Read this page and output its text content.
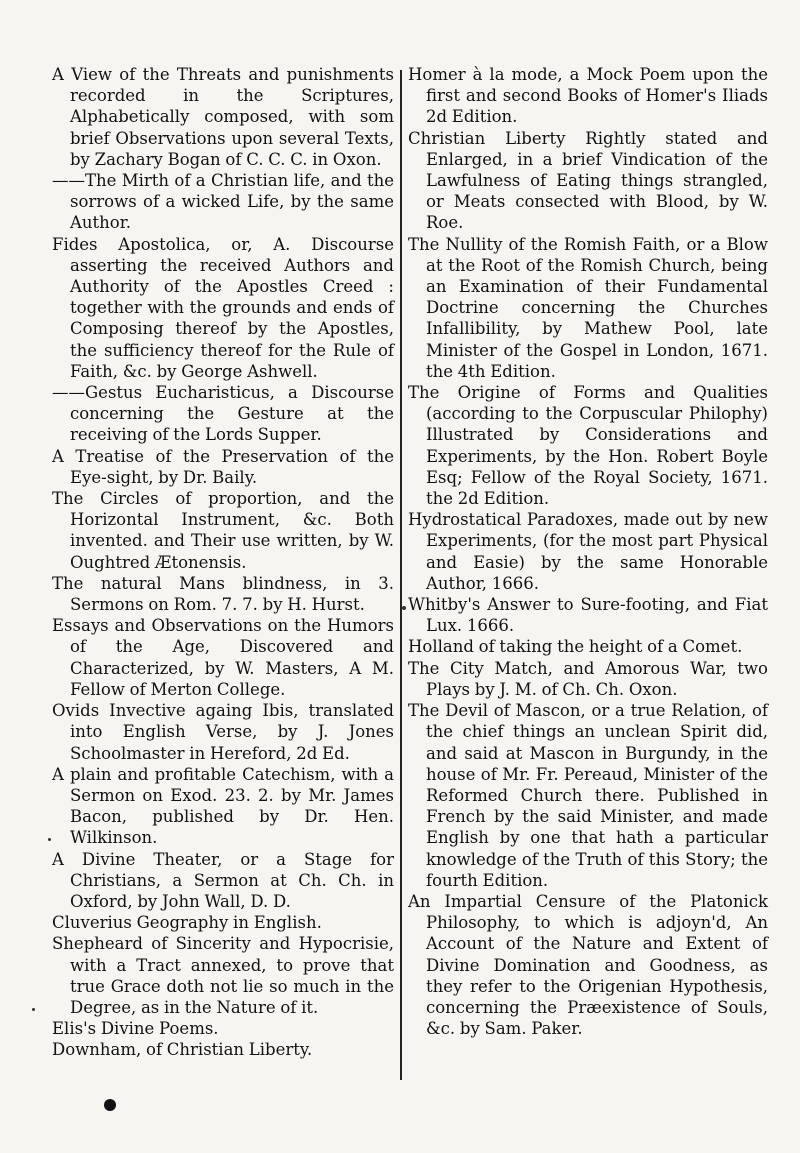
A View of the Threats and punishments recorded in the Scriptures, Alphabetically composed, with som brief Observations upon several Texts, by Zachary Bogan of C. C. C. in Oxon.

——The Mirth of a Christian life, and the sorrows of a wicked Life, by the same Author.

Fides Apostolica, or, A. Discourse asserting the received Authors and Authority of the Apostles Creed : together with the grounds and ends of Composing thereof by the Apostles, the sufficiency thereof for the Rule of Faith, &c. by George Ashwell.

——Gestus Eucharisticus, a Discourse concerning the Gesture at the receiving of the Lords Supper.

A Treatise of the Preservation of the Eye-sight, by Dr. Baily.

The Circles of proportion, and the Horizontal Instrument, &c. Both invented. and Their use written, by W. Oughtred Ætonensis.

The natural Mans blindness, in 3. Sermons on Rom. 7. 7. by H. Hurst.

Essays and Observations on the Humors of the Age, Discovered and Characterized, by W. Masters, A M. Fellow of Merton College.

Ovids Invective againg Ibis, translated into English Verse, by J. Jones Schoolmaster in Hereford, 2d Ed.

A plain and profitable Catechism, with a Sermon on Exod. 23. 2. by Mr. James Bacon, published by Dr. Hen. Wilkinson.

A Divine Theater, or a Stage for Christians, a Sermon at Ch. Ch. in Oxford, by John Wall, D. D.

Cluverius Geography in English.

Shepheard of Sincerity and Hypocrisie, with a Tract annexed, to prove that true Grace doth not lie so much in the Degree, as in the Nature of it.

Elis's Divine Poems.

Downham, of Christian Liberty.

Homer à la mode, a Mock Poem upon the first and second Books of Homer's Iliads 2d Edition.

Christian Liberty Rightly stated and Enlarged, in a brief Vindication of the Lawfulness of Eating things strangled, or Meats consected with Blood, by W. Roe.

The Nullity of the Romish Faith, or a Blow at the Root of the Romish Church, being an Examination of their Fundamental Doctrine concerning the Churches Infallibility, by Mathew Pool, late Minister of the Gospel in London, 1671. the 4th Edition.

The Origine of Forms and Qualities (according to the Corpuscular Philophy) Illustrated by Considerations and Experiments, by the Hon. Robert Boyle Esq; Fellow of the Royal Society, 1671. the 2d Edition.

Hydrostatical Paradoxes, made out by new Experiments, (for the most part Physical and Easie) by the same Honorable Author, 1666.

Whitby's Answer to Sure-footing, and Fiat Lux. 1666.

Holland of taking the height of a Comet.

The City Match, and Amorous War, two Plays by J. M. of Ch. Ch. Oxon.

The Devil of Mascon, or a true Relation, of the chief things an unclean Spirit did, and said at Mascon in Burgundy, in the house of Mr. Fr. Pereaud, Minister of the Reformed Church there. Published in French by the said Minister, and made English by one that hath a particular knowledge of the Truth of this Story; the fourth Edition.

An Impartial Censure of the Platonick Philosophy, to which is adjoyn'd, An Account of the Nature and Extent of Divine Domination and Goodness, as they refer to the Origenian Hypothesis, concerning the Præexistence of Souls, &c. by Sam. Paker.
